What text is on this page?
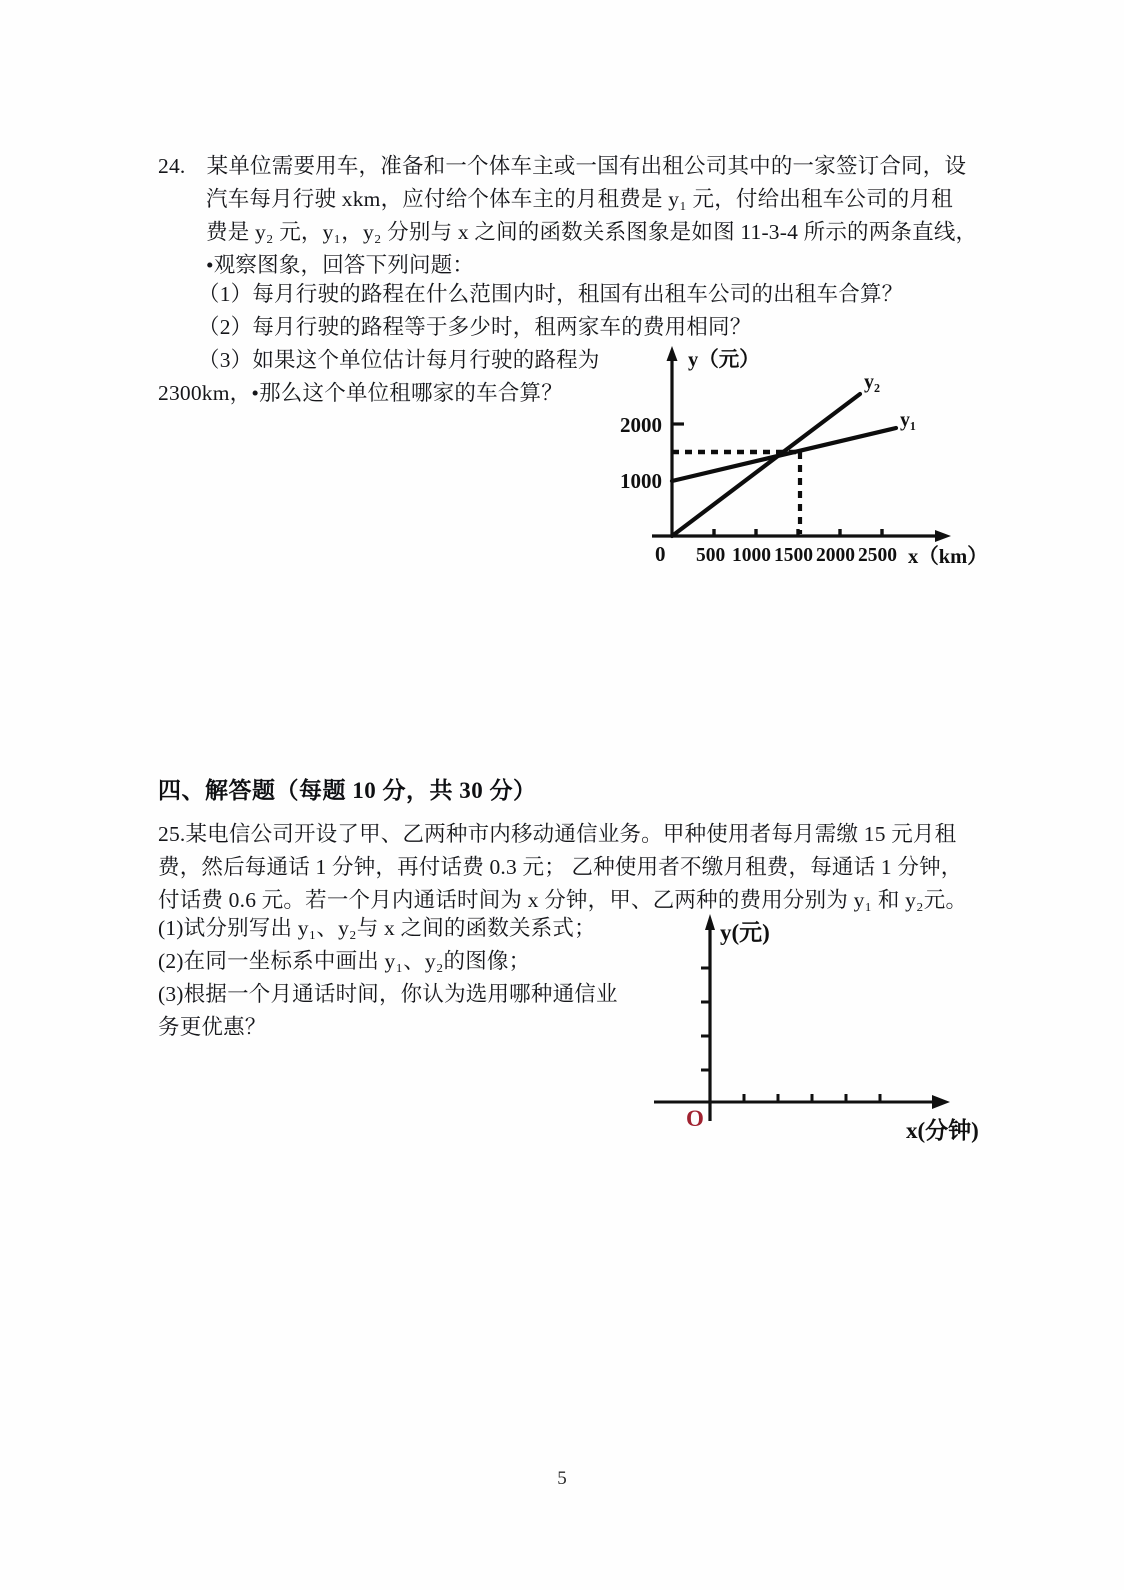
24. 某单位需要用车，准备和一个体车主或一国有出租公司其中的一家签订合同，设
汽车每月行驶 xkm，应付给个体车主的月租费是 y₁ 元，付给出租车公司的月租
费是 y₂ 元，y₁，y₂ 分别与 x 之间的函数关系图象是如图 11-3-4 所示的两条直线，
•观察图象，回答下列问题：
（1）每月行驶的路程在什么范围内时，租国有出租车公司的出租车合算？
（2）每月行驶的路程等于多少时，租两家车的费用相同？
（3）如果这个单位估计每月行驶的路程为
2300km，•那么这个单位租哪家的车合算？
y（元）
2000
1000
0 500 1000 1500 2000 2500 x（km）
y₂
y₁
四、解答题（每题 10 分，共 30 分）
25.某电信公司开设了甲、乙两种市内移动通信业务。甲种使用者每月需缴 15 元月租
费，然后每通话 1 分钟，再付话费 0.3 元； 乙种使用者不缴月租费，每通话 1 分钟，
付话费 0.6 元。若一个月内通话时间为 x 分钟，甲、乙两种的费用分别为 y₁ 和 y₂元。
(1)试分别写出 y₁、y₂与 x 之间的函数关系式；
(2)在同一坐标系中画出 y₁、y₂的图像；
(3)根据一个月通话时间，你认为选用哪种通信业
务更优惠？
y(元)
O	x(分钟)
5
